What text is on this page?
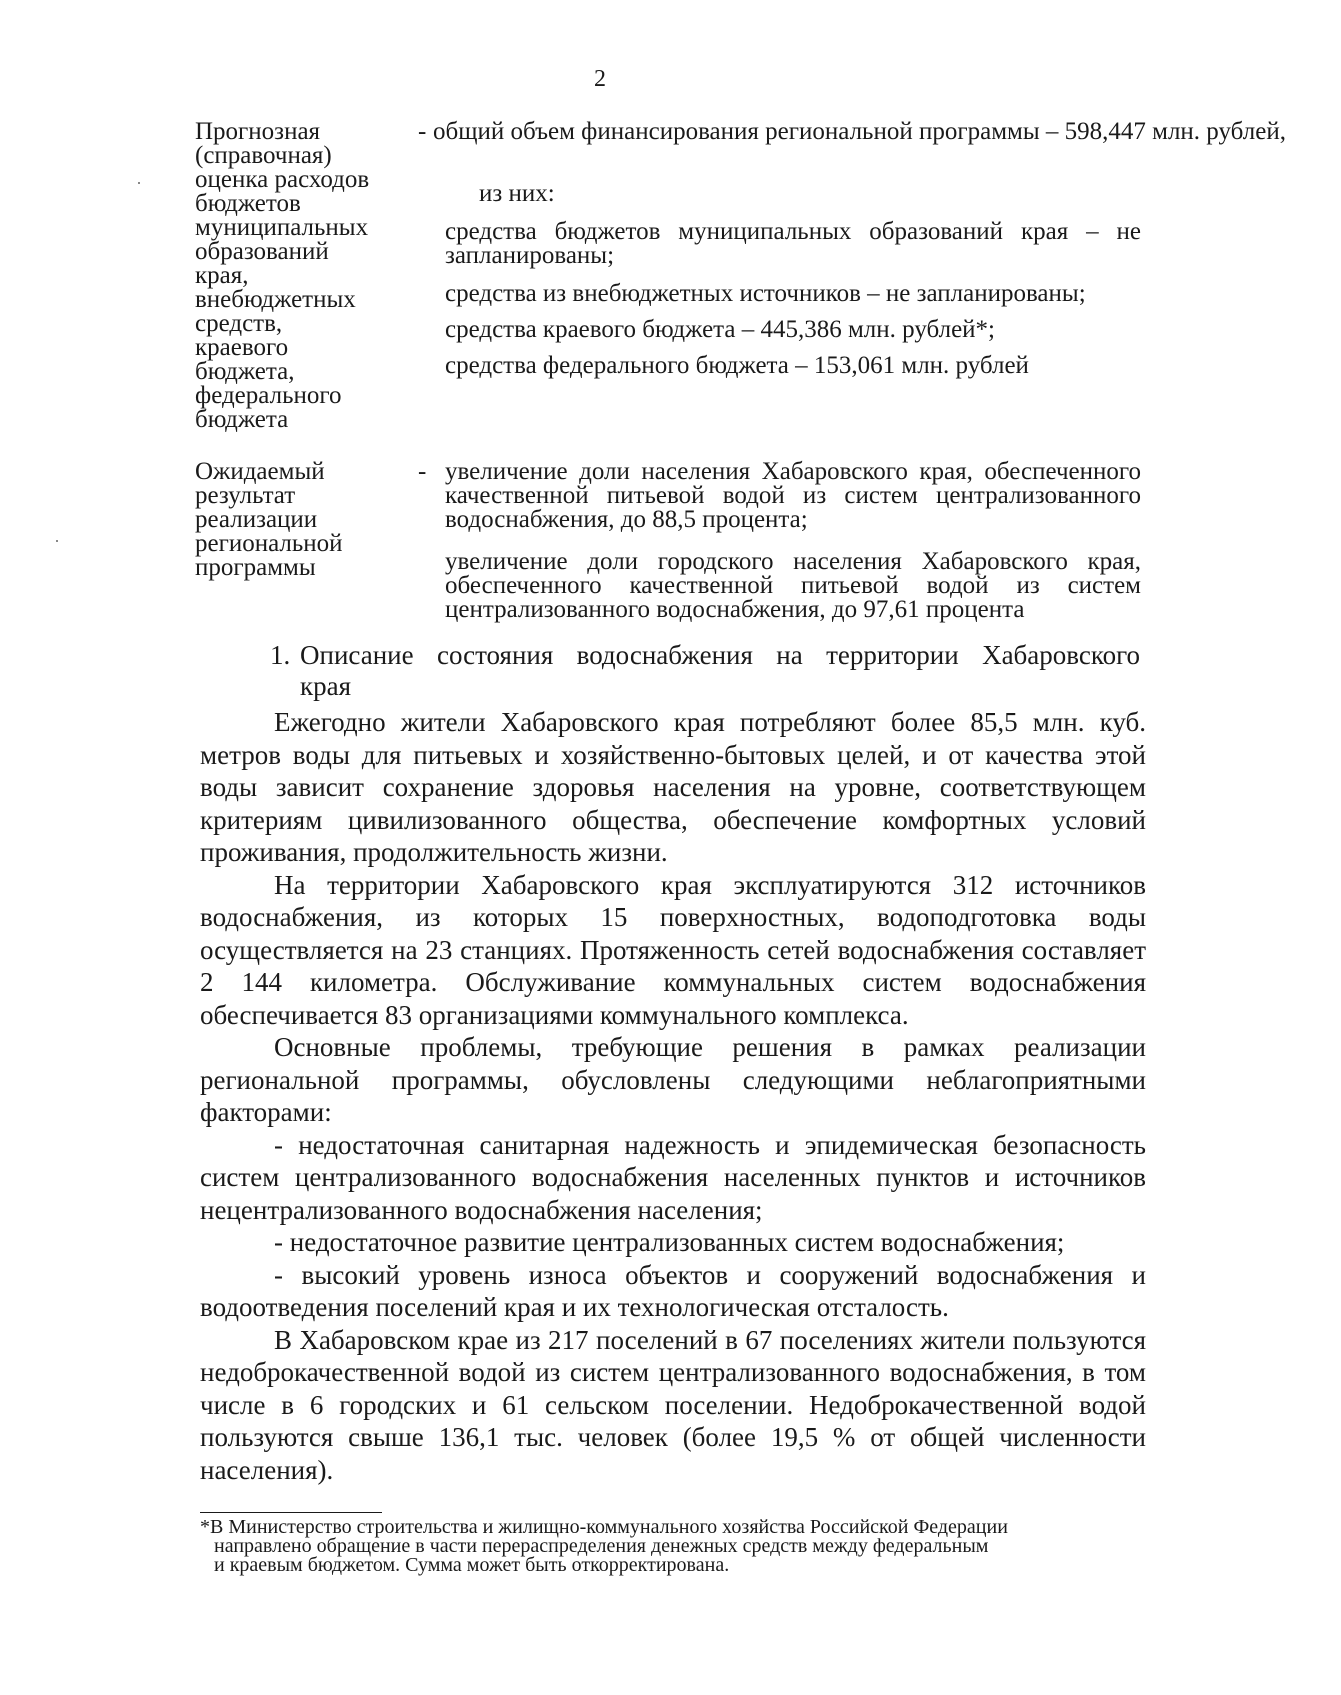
2
Прогнозная
(справочная)
оценка расходов
бюджетов
муниципальных
образований
края,
внебюджетных
средств,
краевого
бюджета,
федерального
бюджета
- общий объем финансирования региональной программы – 598,447 млн. рублей,

из них:

средства бюджетов муниципальных образований края – не запланированы;

средства из внебюджетных источников – не запланированы;

средства краевого бюджета – 445,386 млн. рублей*;

средства федерального бюджета – 153,061 млн. рублей

Ожидаемый
результат
реализации
региональной
программы
- увеличение доли населения Хабаровского края, обеспеченного качественной питьевой водой из систем централизованного водоснабжения, до 88,5 процента;

увеличение доли городского населения Хабаровского края, обеспеченного качественной питьевой водой из систем централизованного водоснабжения, до 97,61 процента

1. Описание состояния водоснабжения на территории Хабаровского
края

Ежегодно жители Хабаровского края потребляют более 85,5 млн. куб. метров воды для питьевых и хозяйственно-бытовых целей, и от качества этой воды зависит сохранение здоровья населения на уровне, соответствующем критериям цивилизованного общества, обеспечение комфортных условий проживания, продолжительность жизни.

На территории Хабаровского края эксплуатируются 312 источников водоснабжения, из которых 15 поверхностных, водоподготовка воды осуществляется на 23 станциях. Протяженность сетей водоснабжения составляет 2 144 километра. Обслуживание коммунальных систем водоснабжения обеспечивается 83 организациями коммунального комплекса.

Основные проблемы, требующие решения в рамках реализации региональной программы, обусловлены следующими неблагоприятными факторами:

- недостаточная санитарная надежность и эпидемическая безопасность систем централизованного водоснабжения населенных пунктов и источников нецентрализованного водоснабжения населения;

- недостаточное развитие централизованных систем водоснабжения;

- высокий уровень износа объектов и сооружений водоснабжения и водоотведения поселений края и их технологическая отсталость.

В Хабаровском крае из 217 поселений в 67 поселениях жители пользуются недоброкачественной водой из систем централизованного водоснабжения, в том числе в 6 городских и 61 сельском поселении. Недоброкачественной водой пользуются свыше 136,1 тыс. человек (более 19,5 % от общей численности населения).

*В Министерство строительства и жилищно-коммунального хозяйства Российской Федерации
направлено обращение в части перераспределения денежных средств между федеральным
и краевым бюджетом. Сумма может быть откорректирована.
